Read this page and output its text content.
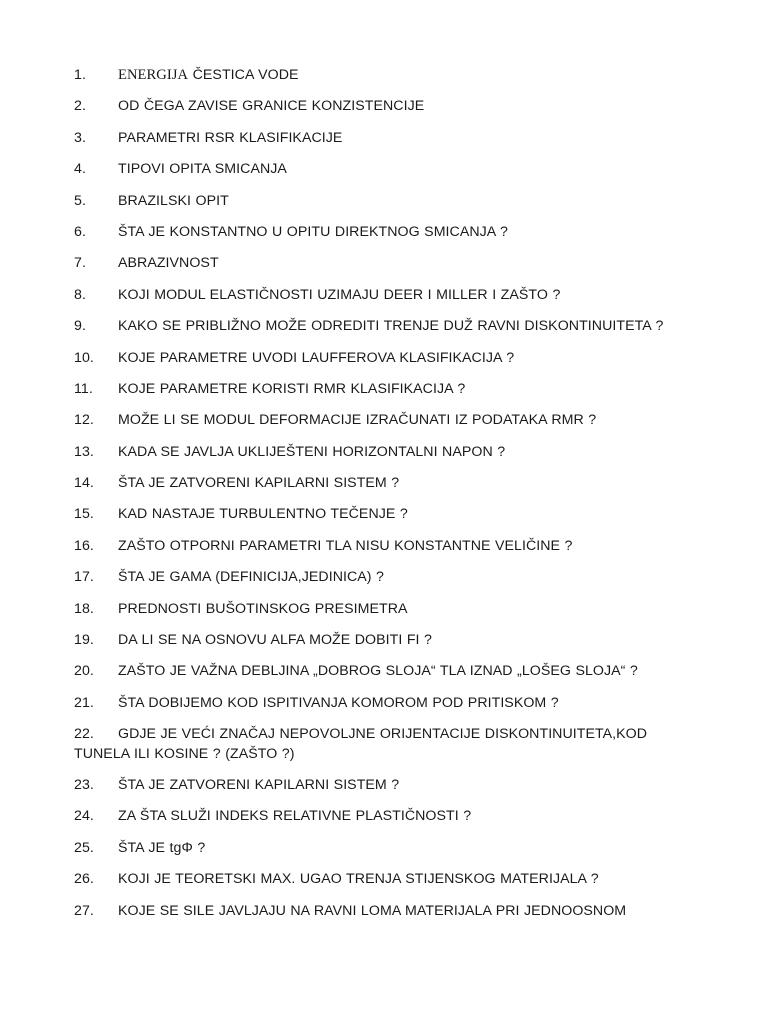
1. ENERGIJA ČESTICA VODE
2. OD ČEGA ZAVISE GRANICE KONZISTENCIJE
3. PARAMETRI RSR KLASIFIKACIJE
4. TIPOVI OPITA SMICANJA
5. BRAZILSKI OPIT
6. ŠTA JE KONSTANTNO U OPITU DIREKTNOG SMICANJA ?
7. ABRAZIVNOST
8. KOJI MODUL ELASTIČNOSTI UZIMAJU DEER I MILLER I ZAŠTO ?
9. KAKO SE PRIBLIŽNO MOŽE ODREDITI TRENJE DUŽ RAVNI DISKONTINUITETA ?
10. KOJE PARAMETRE UVODI LAUFFEROVA KLASIFIKACIJA ?
11. KOJE PARAMETRE KORISTI RMR KLASIFIKACIJA ?
12. MOŽE LI SE MODUL DEFORMACIJE IZRAČUNATI IZ PODATAKA RMR ?
13. KADA SE JAVLJA UKLIJEŠTENI HORIZONTALNI NAPON ?
14. ŠTA JE ZATVORENI KAPILARNI SISTEM ?
15. KAD NASTAJE TURBULENTNO TEČENJE ?
16. ZAŠTO OTPORNI PARAMETRI TLA NISU KONSTANTNE VELIČINE ?
17. ŠTA JE GAMA (DEFINICIJA,JEDINICA) ?
18. PREDNOSTI BUŠOTINSKOG PRESIMETRA
19. DA LI SE NA OSNOVU ALFA MOŽE DOBITI FI ?
20. ZAŠTO JE VAŽNA DEBLJINA „DOBROG SLOJA“ TLA IZNAD „LOŠEG SLOJA“ ?
21. ŠTA DOBIJEMO KOD ISPITIVANJA KOMOROM POD PRITISKOM ?
22. GDJE JE VEĆI ZNAČAJ NEPOVOLJNE ORIJENTACIJE DISKONTINUITETA,KOD TUNELA ILI KOSINE ? (ZAŠTO ?)
23. ŠTA JE ZATVORENI KAPILARNI SISTEM ?
24. ZA ŠTA SLUŽI INDEKS RELATIVNE PLASTIČNOSTI ?
25. ŠTA JE tgΦ ?
26. KOJI JE TEORETSKI MAX. UGAO TRENJA STIJENSKOG MATERIJALA ?
27. KOJE SE SILE JAVLJAJU NA RAVNI LOMA MATERIJALA PRI JEDNOOSNOM
